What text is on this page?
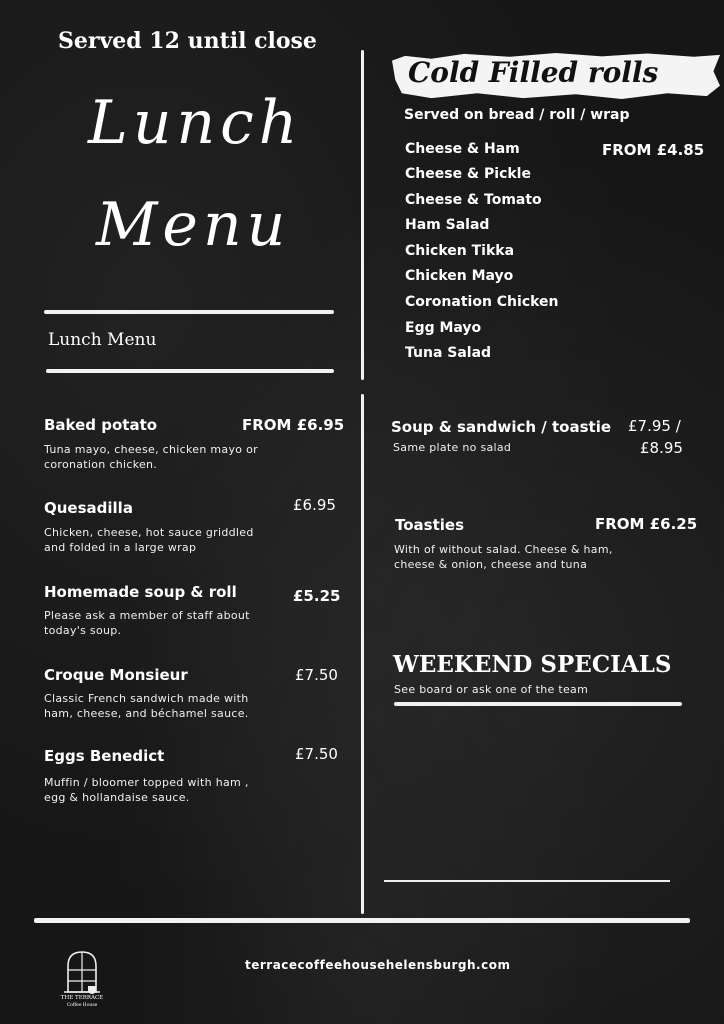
Served 12 until close
Lunch
Menu
Lunch Menu
Cold Filled rolls
Served on bread / roll / wrap
FROM £4.85
Cheese & Ham
Cheese & Pickle
Cheese & Tomato
Ham Salad
Chicken Tikka
Chicken Mayo
Coronation Chicken
Egg Mayo
Tuna Salad
Baked potato	FROM £6.95
Tuna mayo, cheese, chicken mayo or
coronation chicken.
Quesadilla	£6.95
Chicken, cheese, hot sauce griddled
and folded in a large wrap
Homemade soup & roll	£5.25
Please ask a member of staff about
today's soup.
Croque Monsieur	£7.50
Classic French sandwich made with
ham, cheese, and béchamel sauce.
Eggs Benedict	£7.50
Muffin / bloomer topped with ham ,
egg & hollandaise sauce.
Soup & sandwich / toastie £7.95 /
£8.95
Same plate no salad
Toasties	FROM £6.25
With of without salad. Cheese & ham,
cheese & onion, cheese and tuna
WEEKEND SPECIALS
See board or ask one of the team
terracecoffeehousehelensburgh.com
THE TERRACE
Coffee House
